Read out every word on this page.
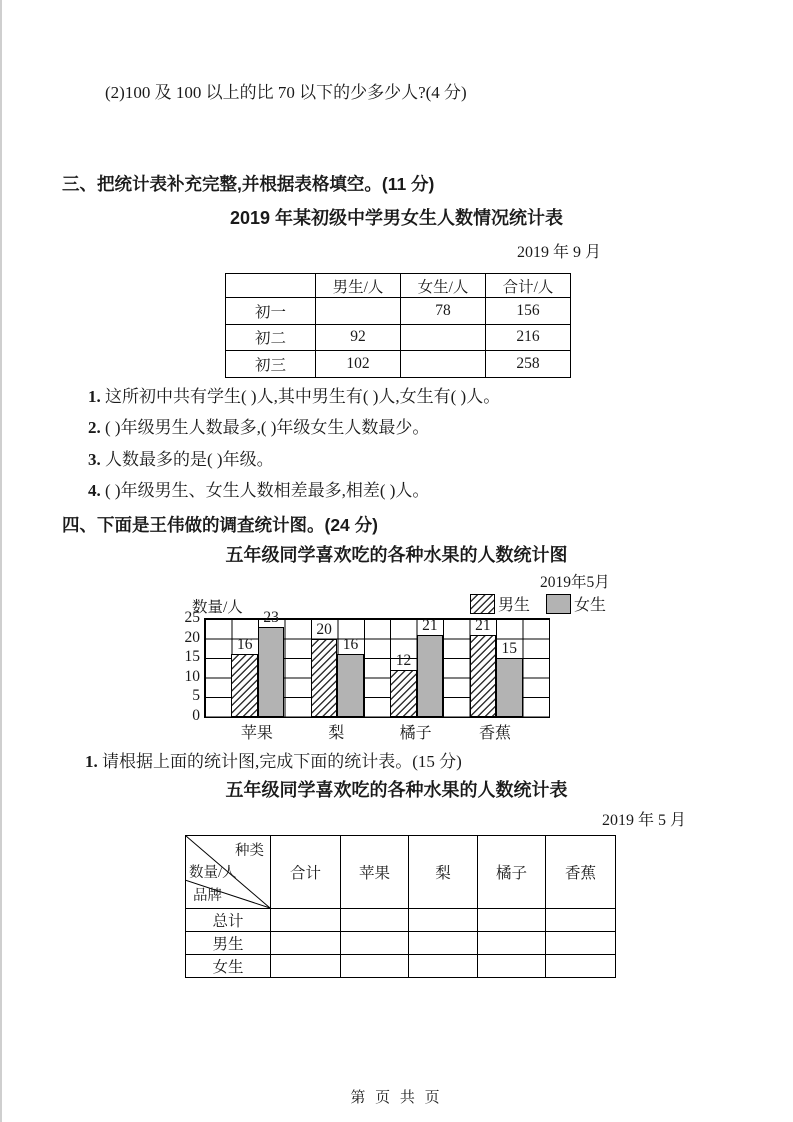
(2)100 及 100 以上的比 70 以下的少多少人?(4 分)
三、把统计表补充完整,并根据表格填空。(11 分)
2019 年某初级中学男女生人数情况统计表
2019 年 9 月
	男生/人	女生/人	合计/人
初一		78	156
初二	92		216
初三	102		258
1. 这所初中共有学生( )人,其中男生有( )人,女生有( )人。
2. ( )年级男生人数最多,( )年级女生人数最少。
3. 人数最多的是( )年级。
4. ( )年级男生、女生人数相差最多,相差( )人。
四、下面是王伟做的调查统计图。(24 分)
五年级同学喜欢吃的各种水果的人数统计图
2019年5月
男生	女生
数量/人
25
20
15
10
5
0
16
23
20
16
12
21 21
15
苹果	梨	橘子	香蕉
1. 请根据上面的统计图,完成下面的统计表。(15 分)
五年级同学喜欢吃的各种水果的人数统计表
2019 年 5 月
种类
数量/人
品牌	合计	苹果	梨	橘子	香蕉
总计					
男生					
女生					
第 页 共 页
